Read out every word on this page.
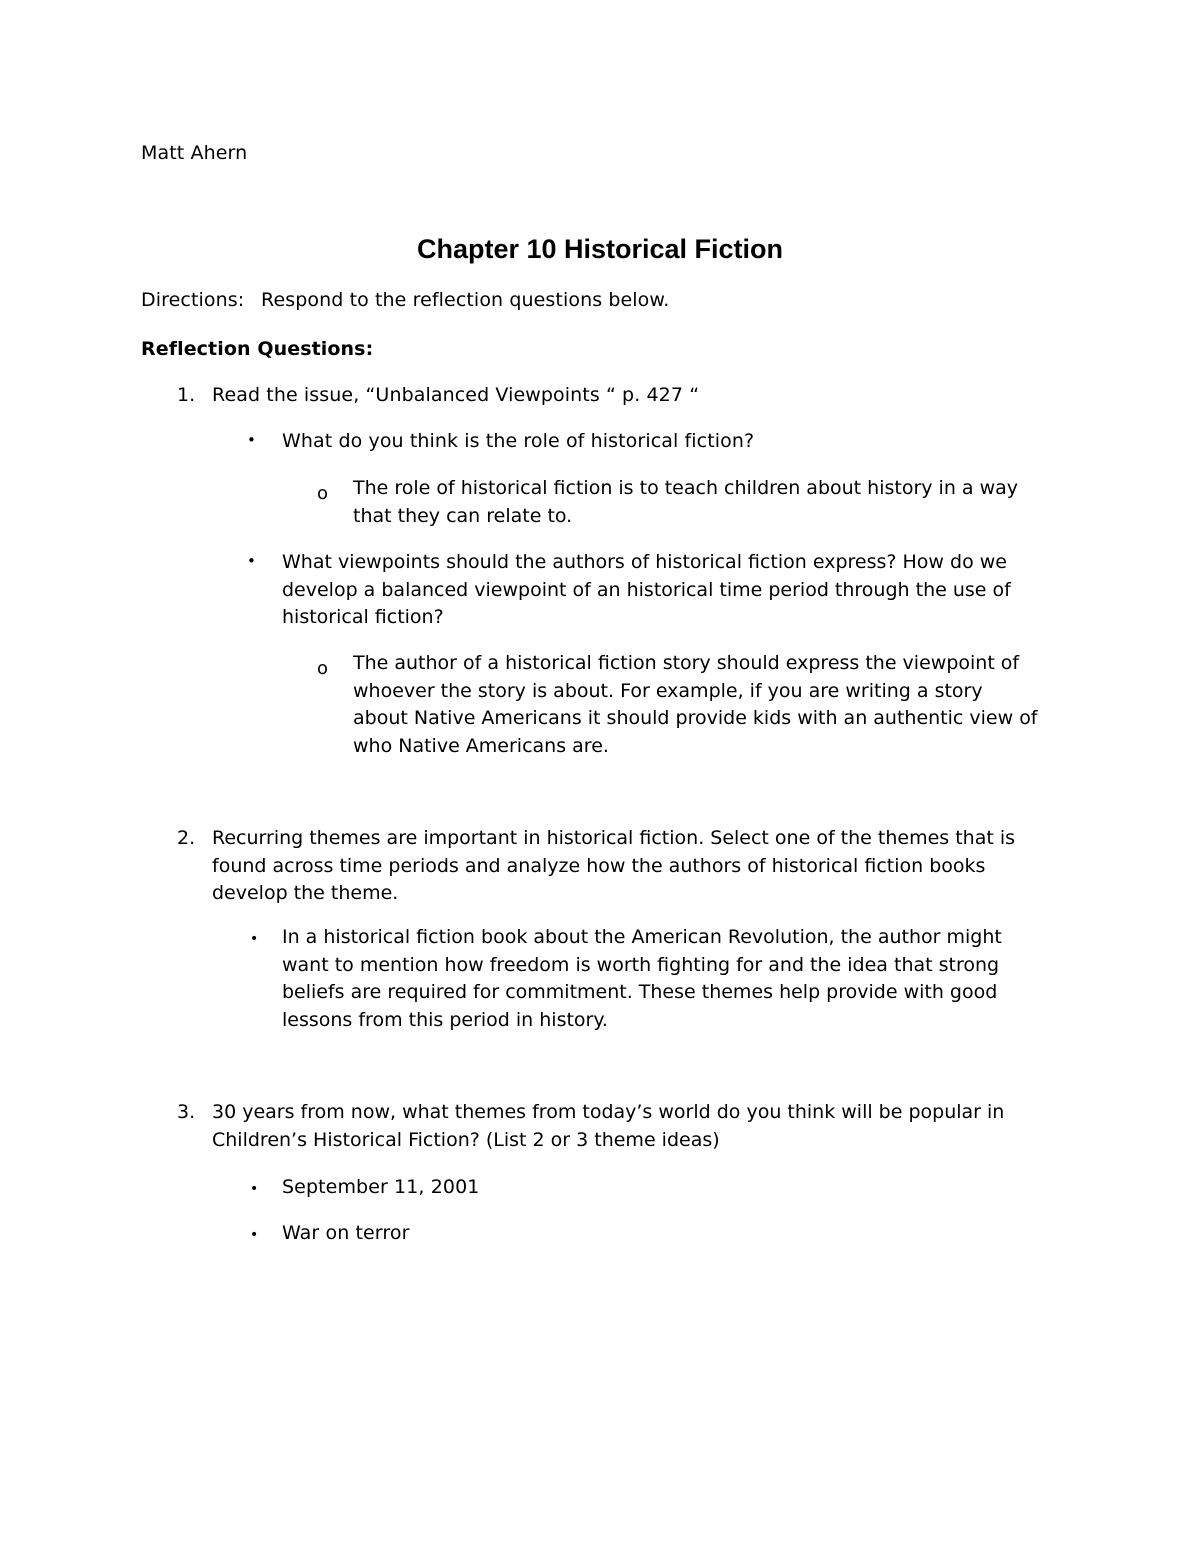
Matt Ahern
Chapter 10 Historical Fiction
Directions: Respond to the reflection questions below.
Reflection Questions:
1. Read the issue, “Unbalanced Viewpoints “ p. 427 “
• What do you think is the role of historical fiction?
o The role of historical fiction is to teach children about history in a way
that they can relate to.
• What viewpoints should the authors of historical fiction express? How do we
develop a balanced viewpoint of an historical time period through the use of
historical fiction?
o The author of a historical fiction story should express the viewpoint of
whoever the story is about. For example, if you are writing a story
about Native Americans it should provide kids with an authentic view of
who Native Americans are.
2. Recurring themes are important in historical fiction. Select one of the themes that is
found across time periods and analyze how the authors of historical fiction books
develop the theme.
• In a historical fiction book about the American Revolution, the author might
want to mention how freedom is worth fighting for and the idea that strong
beliefs are required for commitment. These themes help provide with good
lessons from this period in history.
3. 30 years from now, what themes from today’s world do you think will be popular in
Children’s Historical Fiction? (List 2 or 3 theme ideas)
• September 11, 2001
• War on terror
